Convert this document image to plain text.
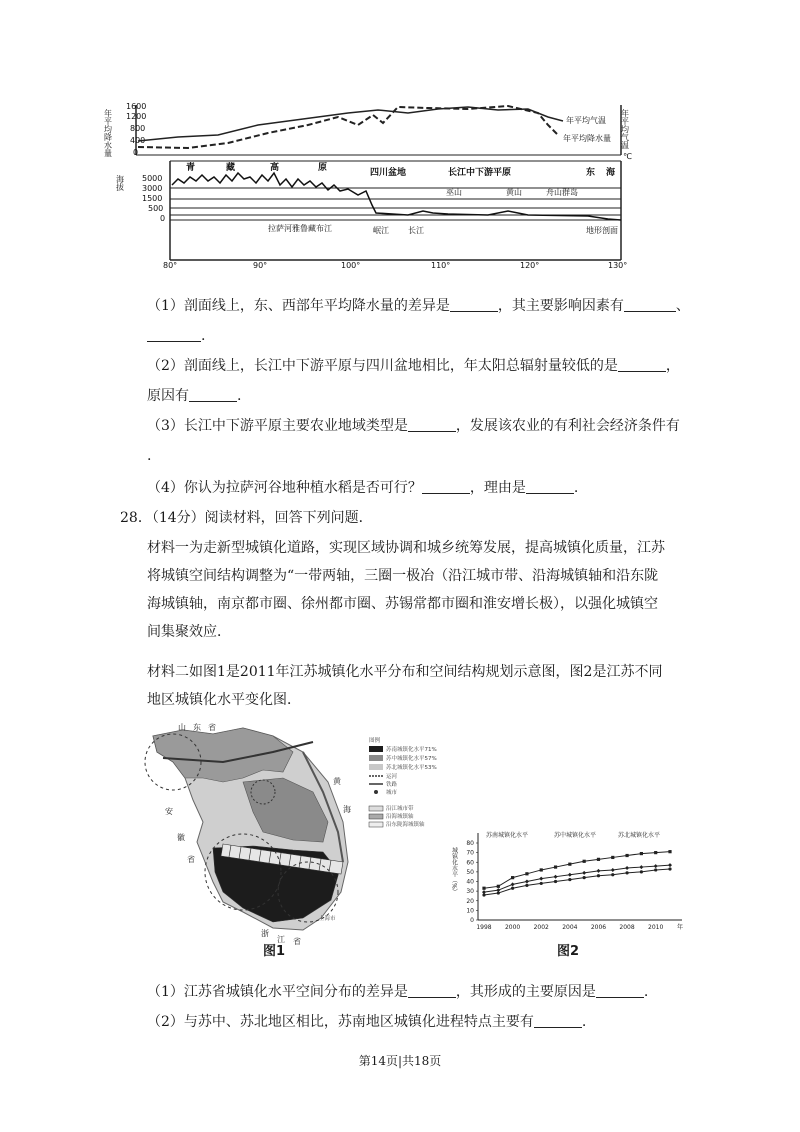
1600
1200
800
400
0
年平均降水量	年平均气温
℃
年平均气温
年平均降水量
海拔 5000
3000
1500
500
0
青	藏	高	原	四川盆地	长江中下游平原	东 海
拉萨河雅鲁藏布江	岷江 长江
巫山	黄山	舟山群岛
地形剖面
80°	90°	100°	110°	120°	130°
（1）剖面线上，东、西部年平均降水量的差异是	，其主要影响因素有	、
.
（2）剖面线上，长江中下游平原与四川盆地相比，年太阳总辐射量较低的是	，
原因有	.
（3）长江中下游平原主要农业地域类型是	，发展该农业的有利社会经济条件有
.
（4）你认为拉萨河谷地种植水稻是否可行？	，理由是	.
28．（14分）阅读材料，回答下列问题．
材料一为走新型城镇化道路，实现区域协调和城乡统筹发展，提高城镇化质量，江苏将城镇空间结构调整为“一带两轴，三圈一极冶（沿江城市带、沿海城镇轴和沿东陇海城镇轴，南京都市圈、徐州都市圈、苏锡常都市圈和淮安增长极），以强化城镇空间集聚效应．
材料二如图1是2011年江苏城镇化水平分布和空间结构规划示意图，图2是江苏不同地区城镇化水平变化图．
山 东 省
安
徽
省
黄
海
浙
江 省
上海市
图例
苏南城镇化水平71%
苏中城镇化水平57%
苏北城镇化水平53%
运河
铁路
城市
沿江城市带
沿海城镇轴
沿东陇海城镇轴
城镇化水平（%）
苏南城镇化水平	苏中城镇化水平	苏北城镇化水平
0
10
20
30
40
50
60
70
80
1998 2000 2002 2004 2006 2008 2010 年
图1	图2
（1）江苏省城镇化水平空间分布的差异是	，其形成的主要原因是	.
（2）与苏中、苏北地区相比，苏南地区城镇化进程特点主要有	.
第14页|共18页
